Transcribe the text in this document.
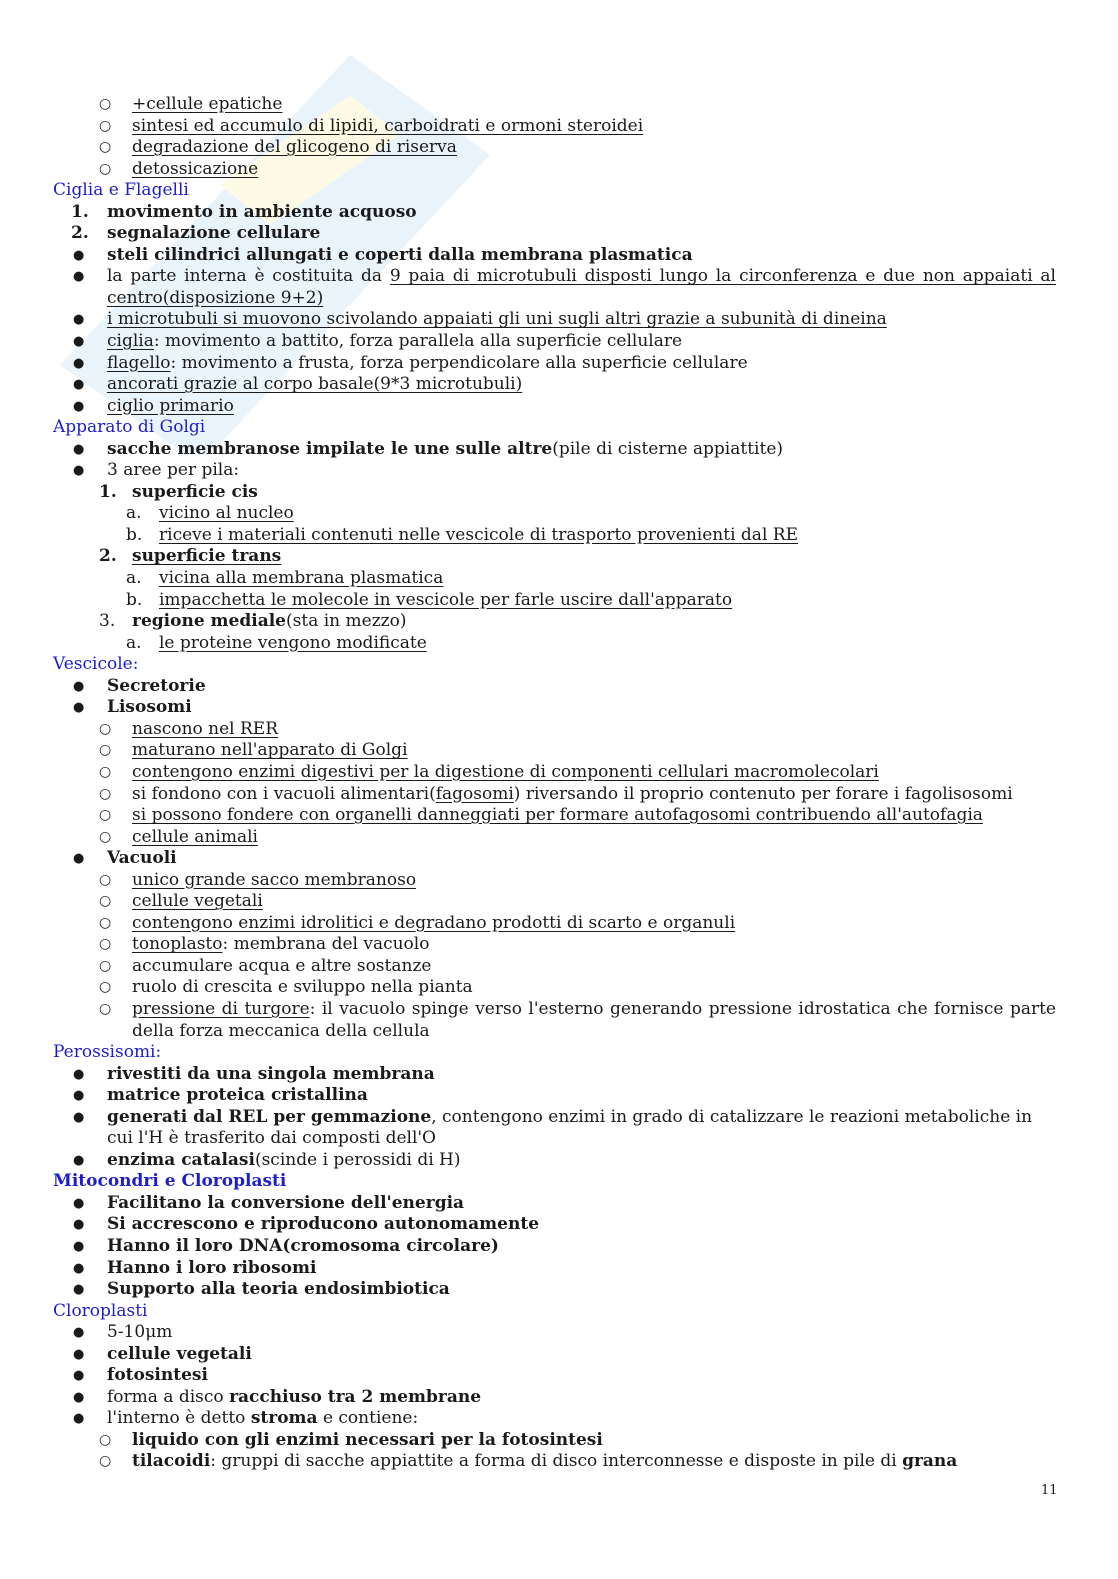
○ +cellule epatiche
○ sintesi ed accumulo di lipidi, carboidrati e ormoni steroidei
○ degradazione del glicogeno di riserva
○ detossicazione
Ciglia e Flagelli
1. movimento in ambiente acquoso
2. segnalazione cellulare
● steli cilindrici allungati e coperti dalla membrana plasmatica
● la parte interna è costituita da 9 paia di microtubuli disposti lungo la circonferenza e due non appaiati al centro(disposizione 9+2)
● i microtubuli si muovono scivolando appaiati gli uni sugli altri grazie a subunità di dineina
● ciglia: movimento a battito, forza parallela alla superficie cellulare
● flagello: movimento a frusta, forza perpendicolare alla superficie cellulare
● ancorati grazie al corpo basale(9*3 microtubuli)
● ciglio primario
Apparato di Golgi
● sacche membranose impilate le une sulle altre(pile di cisterne appiattite)
● 3 aree per pila:
1. superficie cis
a. vicino al nucleo
b. riceve i materiali contenuti nelle vescicole di trasporto provenienti dal RE
2. superficie trans
a. vicina alla membrana plasmatica
b. impacchetta le molecole in vescicole per farle uscire dall'apparato
3. regione mediale(sta in mezzo)
a. le proteine vengono modificate
Vescicole:
● Secretorie
● Lisosomi
○ nascono nel RER
○ maturano nell'apparato di Golgi
○ contengono enzimi digestivi per la digestione di componenti cellulari macromolecolari
○ si fondono con i vacuoli alimentari(fagosomi) riversando il proprio contenuto per forare i fagolisosomi
○ si possono fondere con organelli danneggiati per formare autofagosomi contribuendo all'autofagia
○ cellule animali
● Vacuoli
○ unico grande sacco membranoso
○ cellule vegetali
○ contengono enzimi idrolitici e degradano prodotti di scarto e organuli
○ tonoplasto: membrana del vacuolo
○ accumulare acqua e altre sostanze
○ ruolo di crescita e sviluppo nella pianta
○ pressione di turgore: il vacuolo spinge verso l'esterno generando pressione idrostatica che fornisce parte della forza meccanica della cellula
Perossisomi:
● rivestiti da una singola membrana
● matrice proteica cristallina
● generati dal REL per gemmazione, contengono enzimi in grado di catalizzare le reazioni metaboliche in cui l'H è trasferito dai composti dell'O
● enzima catalasi(scinde i perossidi di H)
Mitocondri e Cloroplasti
● Facilitano la conversione dell'energia
● Si accrescono e riproducono autonomamente
● Hanno il loro DNA(cromosoma circolare)
● Hanno i loro ribosomi
● Supporto alla teoria endosimbiotica
Cloroplasti
● 5-10μm
● cellule vegetali
● fotosintesi
● forma a disco racchiuso tra 2 membrane
● l'interno è detto stroma e contiene:
○ liquido con gli enzimi necessari per la fotosintesi
○ tilacoidi: gruppi di sacche appiattite a forma di disco interconnesse e disposte in pile di grana
11
